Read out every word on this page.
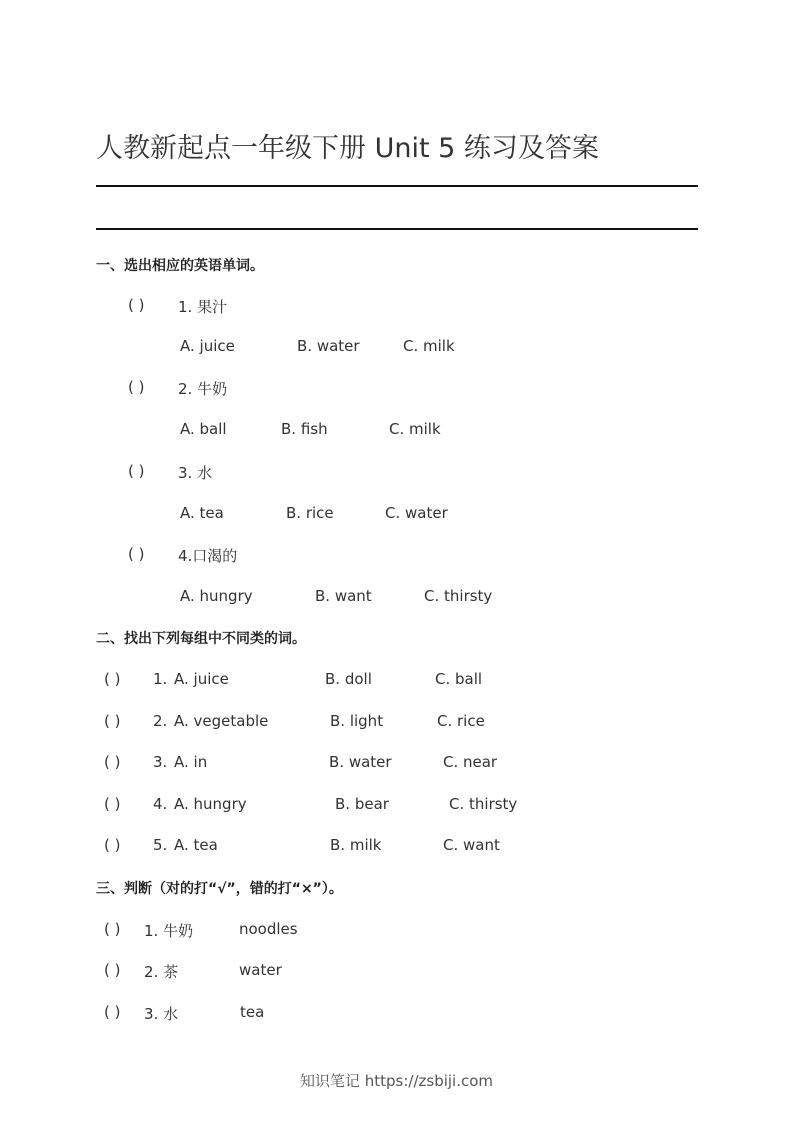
人教新起点一年级下册 Unit 5 练习及答案
一、选出相应的英语单词。
( ) 1. 果汁
A. juice	B. water	C. milk
( ) 2. 牛奶
A. ball	B. fish	C. milk
( ) 3. 水
A. tea	B. rice	C. water
( ) 4.口渴的
A. hungry	B. want	C. thirsty
二、找出下列每组中不同类的词。
( ) 1. A. juice	B. doll	C. ball
( ) 2. A. vegetable	B. light	C. rice
( ) 3. A. in	B. water	C. near
( ) 4. A. hungry	B. bear	C. thirsty
( ) 5. A. tea	B. milk	C. want
三、判断（对的打“√”，错的打“×”）。
( ) 1. 牛奶	noodles
( ) 2. 茶	water
( ) 3. 水	tea
知识笔记 https://zsbiji.com
